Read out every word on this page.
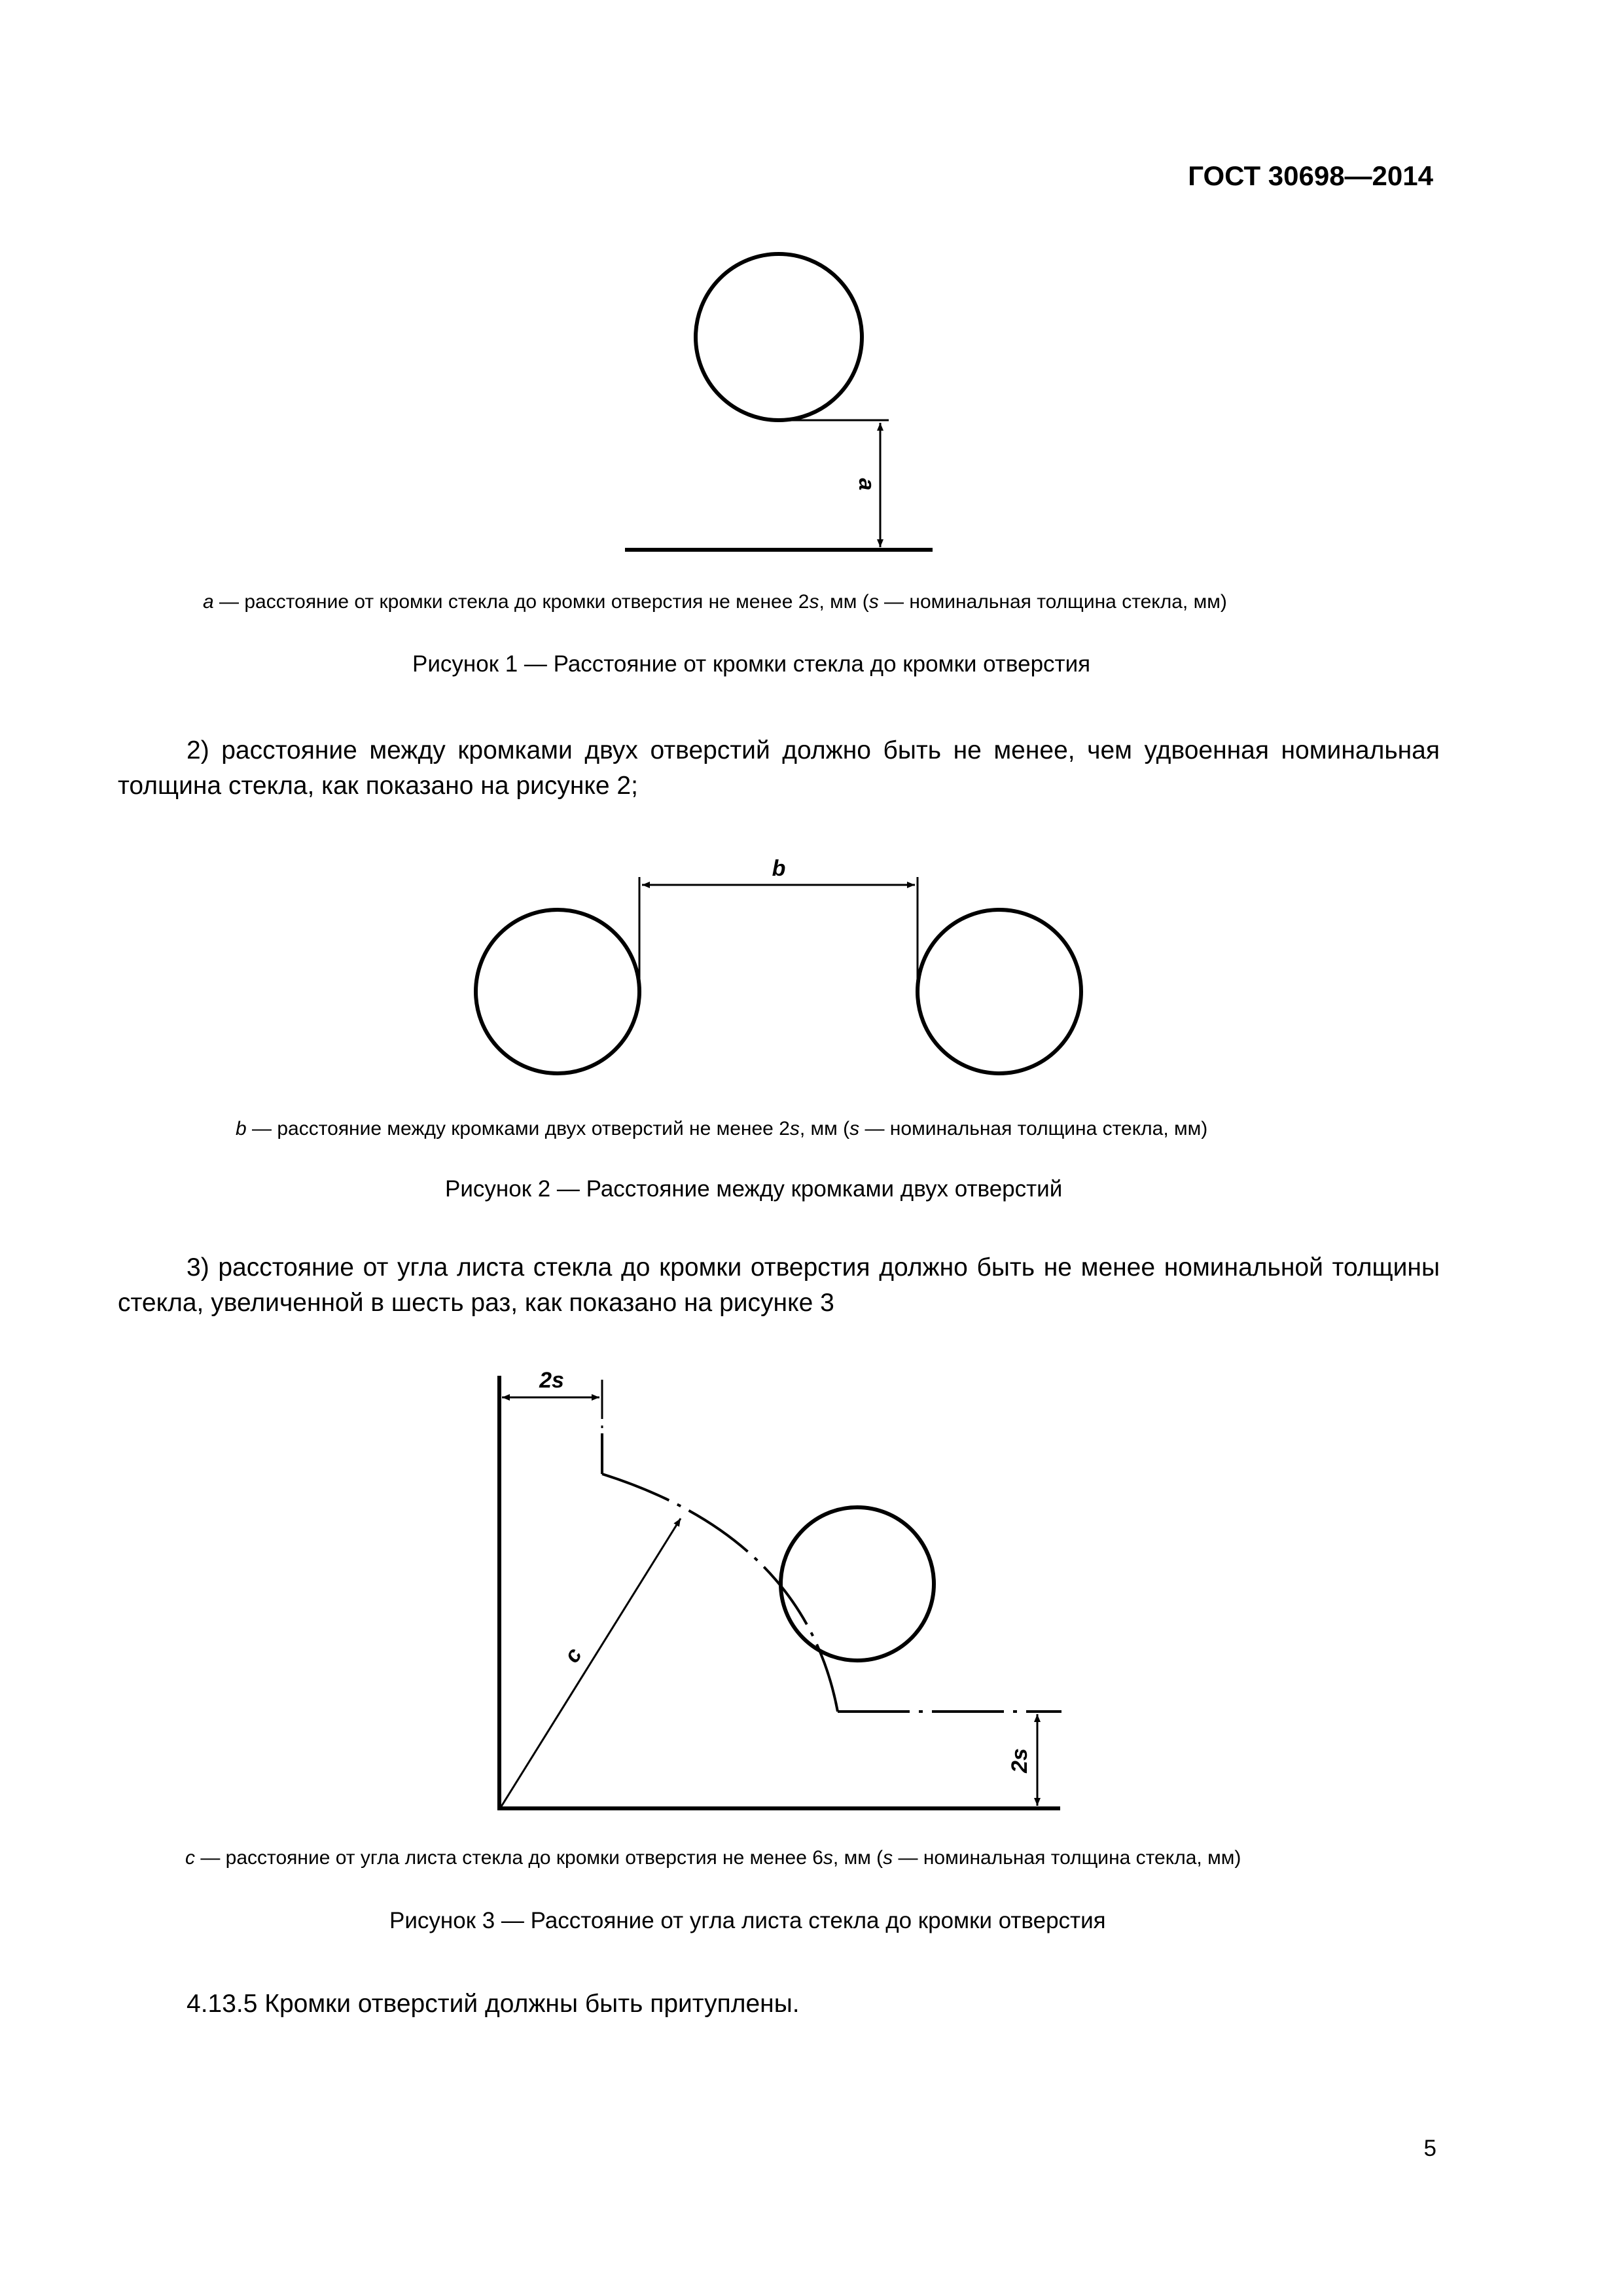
ГОСТ 30698—2014
a
a — расстояние от кромки стекла до кромки отверстия не менее 2s, мм (s — номинальная толщина стекла, мм)
Рисунок 1 — Расстояние от кромки стекла до кромки отверстия
2) расстояние между кромками двух отверстий должно быть не менее, чем удвоенная номинальная толщина стекла, как показано на рисунке 2;
b
b — расстояние между кромками двух отверстий не менее 2s, мм (s — номинальная толщина стекла, мм)
Рисунок 2 — Расстояние между кромками двух отверстий
3) расстояние от угла листа стекла до кромки отверстия должно быть не менее номинальной толщины стекла, увеличенной в шесть раз, как показано на рисунке 3
2s
c
2s
c — расстояние от угла листа стекла до кромки отверстия не менее 6s, мм (s — номинальная толщина стекла, мм)
Рисунок 3 — Расстояние от угла листа стекла до кромки отверстия
4.13.5 Кромки отверстий должны быть притуплены.
5
